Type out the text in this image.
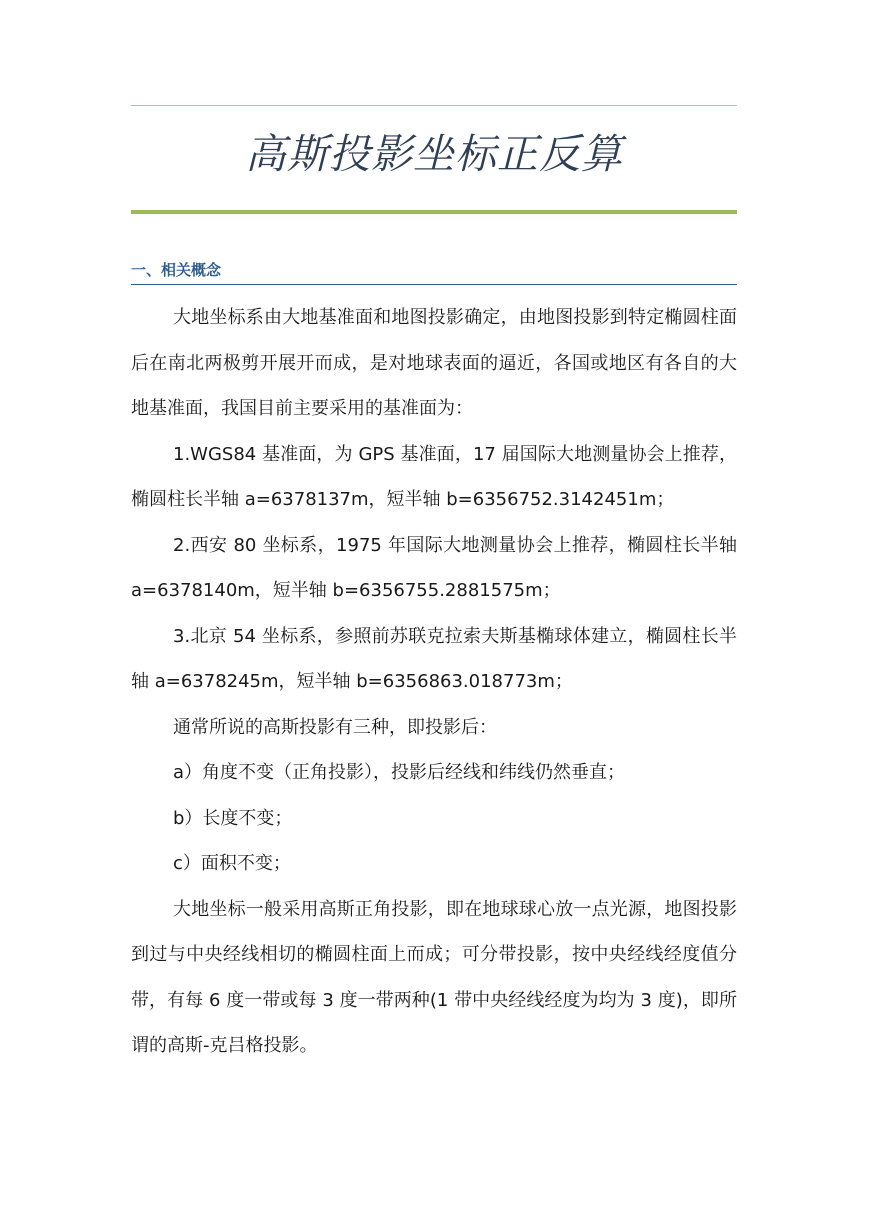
高斯投影坐标正反算
一、相关概念

大地坐标系由大地基准面和地图投影确定，由地图投影到特定椭圆柱面后在南北两极剪开展开而成，是对地球表面的逼近，各国或地区有各自的大地基准面，我国目前主要采用的基准面为：

1.WGS84 基准面，为 GPS 基准面，17 届国际大地测量协会上推荐，椭圆柱长半轴 a=6378137m，短半轴 b=6356752.3142451m；

2.西安 80 坐标系，1975 年国际大地测量协会上推荐，椭圆柱长半轴 a=6378140m，短半轴 b=6356755.2881575m；

3.北京 54 坐标系，参照前苏联克拉索夫斯基椭球体建立，椭圆柱长半轴 a=6378245m，短半轴 b=6356863.018773m；

通常所说的高斯投影有三种，即投影后：

a）角度不变（正角投影），投影后经线和纬线仍然垂直；

b）长度不变；

c）面积不变；

大地坐标一般采用高斯正角投影，即在地球球心放一点光源，地图投影到过与中央经线相切的椭圆柱面上而成；可分带投影，按中央经线经度值分带，有每 6 度一带或每 3 度一带两种(1 带中央经线经度为均为 3 度)，即所谓的高斯-克吕格投影。
